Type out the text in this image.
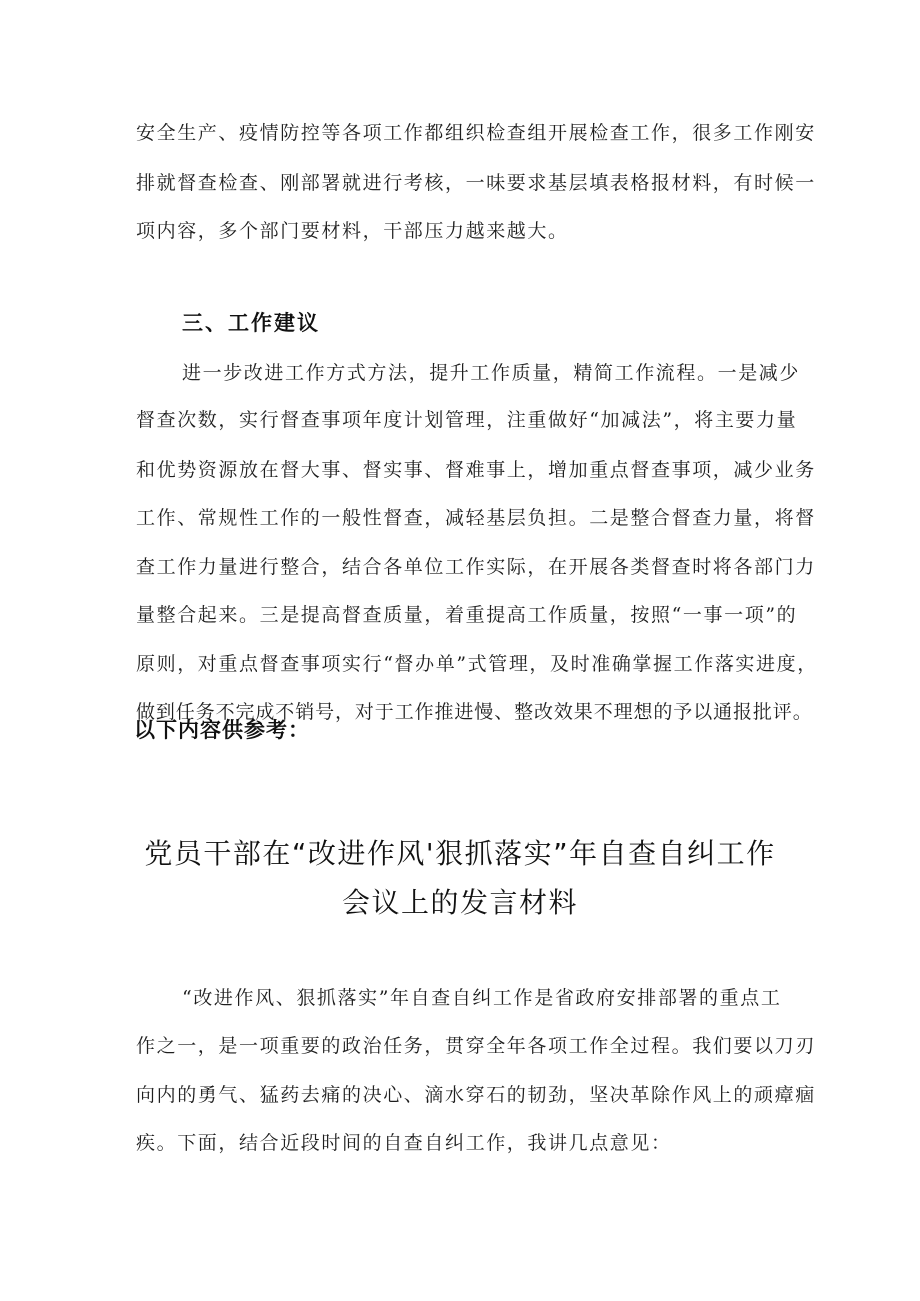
安全生产、疫情防控等各项工作都组织检查组开展检查工作，很多工作刚安
排就督查检查、刚部署就进行考核，一味要求基层填表格报材料，有时候一
项内容，多个部门要材料，干部压力越来越大。
三、工作建议
进一步改进工作方式方法，提升工作质量，精简工作流程。一是减少
督查次数，实行督查事项年度计划管理，注重做好“加减法”，将主要力量
和优势资源放在督大事、督实事、督难事上，增加重点督查事项，减少业务
工作、常规性工作的一般性督查，减轻基层负担。二是整合督查力量，将督
查工作力量进行整合，结合各单位工作实际，在开展各类督查时将各部门力
量整合起来。三是提高督查质量，着重提高工作质量，按照“一事一项”的
原则，对重点督查事项实行“督办单”式管理，及时准确掌握工作落实进度，
做到任务不完成不销号，对于工作推进慢、整改效果不理想的予以通报批评。
以下内容供参考：
党员干部在“改进作风'狠抓落实”年自查自纠工作
会议上的发言材料
“改进作风、狠抓落实”年自查自纠工作是省政府安排部署的重点工
作之一，是一项重要的政治任务，贯穿全年各项工作全过程。我们要以刀刃
向内的勇气、猛药去痛的决心、滴水穿石的韧劲，坚决革除作风上的顽瘴痼
疾。下面，结合近段时间的自查自纠工作，我讲几点意见：
